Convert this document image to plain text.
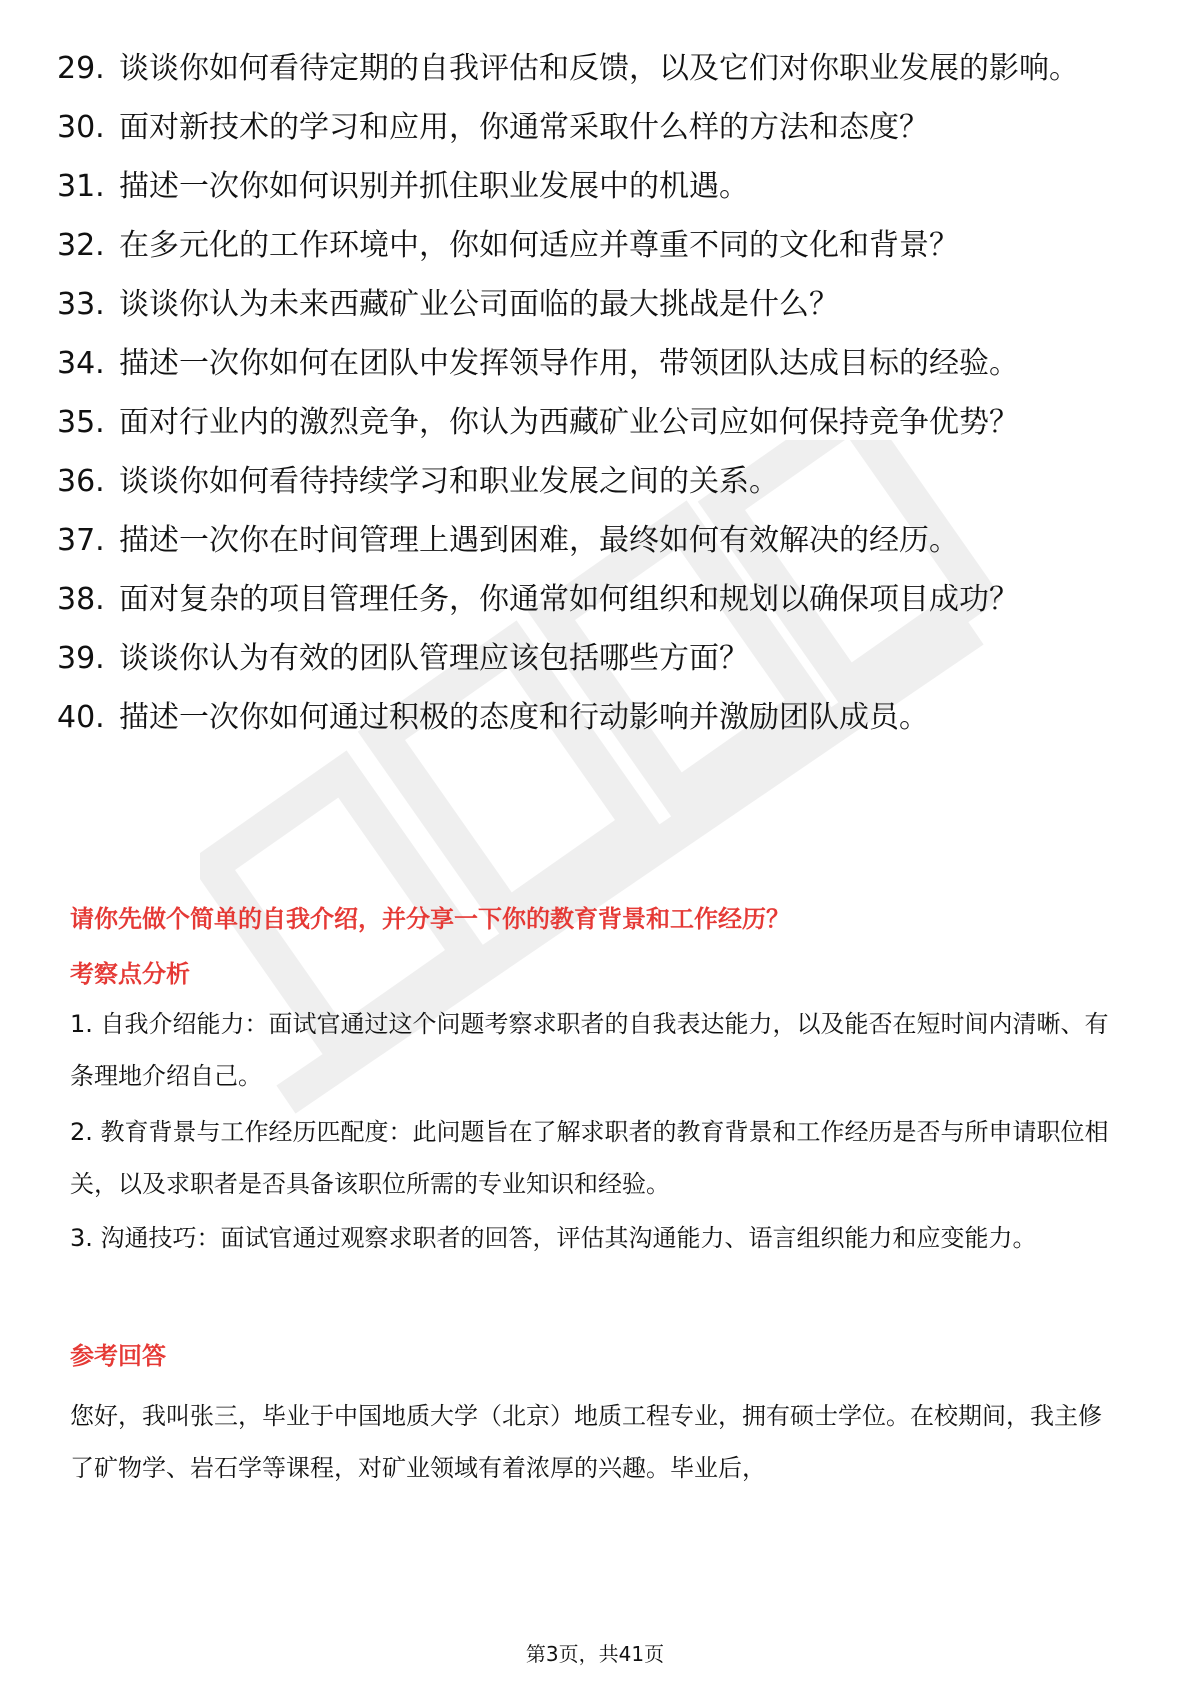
29. 谈谈你如何看待定期的自我评估和反馈，以及它们对你职业发展的影响。
30. 面对新技术的学习和应用，你通常采取什么样的方法和态度？
31. 描述一次你如何识别并抓住职业发展中的机遇。
32. 在多元化的工作环境中，你如何适应并尊重不同的文化和背景？
33. 谈谈你认为未来西藏矿业公司面临的最大挑战是什么？
34. 描述一次你如何在团队中发挥领导作用，带领团队达成目标的经验。
35. 面对行业内的激烈竞争，你认为西藏矿业公司应如何保持竞争优势？
36. 谈谈你如何看待持续学习和职业发展之间的关系。
37. 描述一次你在时间管理上遇到困难，最终如何有效解决的经历。
38. 面对复杂的项目管理任务，你通常如何组织和规划以确保项目成功？
39. 谈谈你认为有效的团队管理应该包括哪些方面？
40. 描述一次你如何通过积极的态度和行动影响并激励团队成员。
请你先做个简单的自我介绍，并分享一下你的教育背景和工作经历？
考察点分析

1. 自我介绍能力：面试官通过这个问题考察求职者的自我表达能力，以及能否在短时间内清晰、有条理地介绍自己。

2. 教育背景与工作经历匹配度：此问题旨在了解求职者的教育背景和工作经历是否与所申请职位相关，以及求职者是否具备该职位所需的专业知识和经验。

3. 沟通技巧：面试官通过观察求职者的回答，评估其沟通能力、语言组织能力和应变能力。

参考回答

您好，我叫张三，毕业于中国地质大学（北京）地质工程专业，拥有硕士学位。在校期间，我主修了矿物学、岩石学等课程，对矿业领域有着浓厚的兴趣。毕业后，

第3页，共41页
